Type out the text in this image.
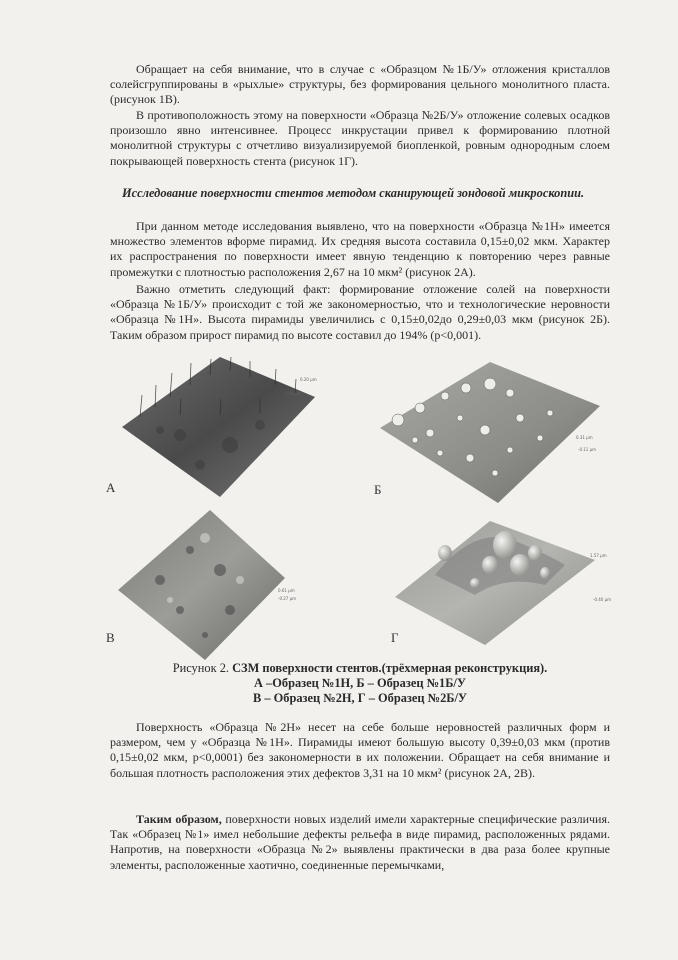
Обращает на себя внимание, что в случае с «Образцом №1Б/У» отложения кристаллов солейсгруппированы в «рыхлые» структуры, без формирования цельного монолитного пласта. (рисунок 1В).

В противоположность этому на поверхности «Образца №2Б/У» отложение солевых осадков произошло явно интенсивнее. Процесс инкрустации привел к формированию плотной монолитной структуры с отчетливо визуализируемой биопленкой, ровным однородным слоем покрывающей поверхность стента (рисунок 1Г).

Исследование поверхности стентов методом сканирующей зондовой микроскопии.

При данном методе исследования выявлено, что на поверхности «Образца №1Н» имеется множество элементов вформе пирамид. Их средняя высота составила 0,15±0,02 мкм. Характер их распространения по поверхности имеет явную тенденцию к повторению через равные промежутки с плотностью расположения 2,67 на 10 мкм² (рисунок 2А).

Важно отметить следующий факт: формирование отложение солей на поверхности «Образца №1Б/У» происходит с той же закономерностью, что и технологические неровности «Образца №1Н». Высота пирамиды увеличились с 0,15±0,02до 0,29±0,03 мкм (рисунок 2Б). Таким образом прирост пирамид по высоте составил до 194% (р<0,001).

0.20 µm
0.04 µm
А
0.31 µm
-0.11 µm
Б
0.61 µm
-0.27 µm
В
1.57 µm
-0.40 µm
Г

Рисунок 2. СЗМ поверхности стентов.(трёхмерная реконструкция).

А –Образец №1Н, Б – Образец №1Б/У

В – Образец №2Н, Г – Образец №2Б/У

Поверхность «Образца №2Н» несет на себе больше неровностей различных форм и размером, чем у «Образца №1Н». Пирамиды имеют большую высоту 0,39±0,03 мкм (против 0,15±0,02 мкм, р<0,0001) без закономерности в их положении. Обращает на себя внимание и большая плотность расположения этих дефектов 3,31 на 10 мкм² (рисунок 2А, 2В).

Таким образом, поверхности новых изделий имели характерные специфические различия. Так «Образец №1» имел небольшие дефекты рельефа в виде пирамид, расположенных рядами. Напротив, на поверхности «Образца №2» выявлены практически в два раза более крупные элементы, расположенные хаотично, соединенные перемычками,
